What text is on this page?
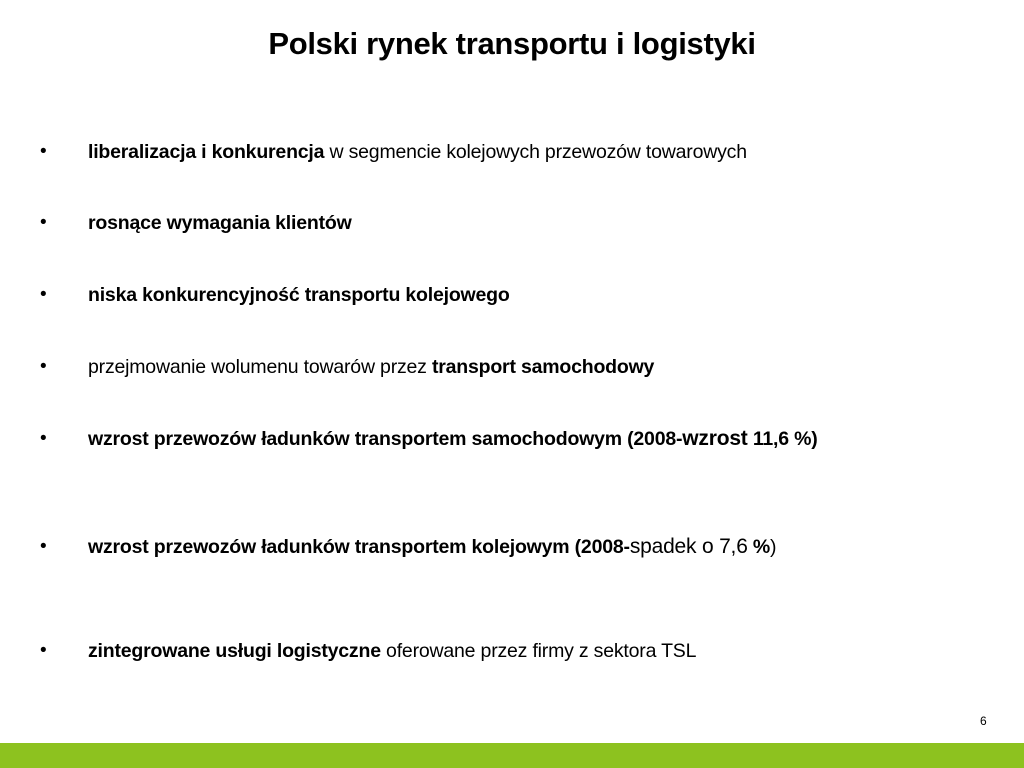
Polski rynek transportu i logistyki
•	liberalizacja i konkurencja w segmencie kolejowych przewozów towarowych
•	rosnące wymagania klientów
•	niska konkurencyjność transportu kolejowego
•	przejmowanie wolumenu towarów przez transport samochodowy
•	wzrost przewozów ładunków transportem samochodowym (2008-wzrost 11,6 %)
•	wzrost przewozów ładunków transportem kolejowym (2008-spadek o 7,6 %)
•	zintegrowane usługi logistyczne oferowane przez firmy z sektora TSL
6
